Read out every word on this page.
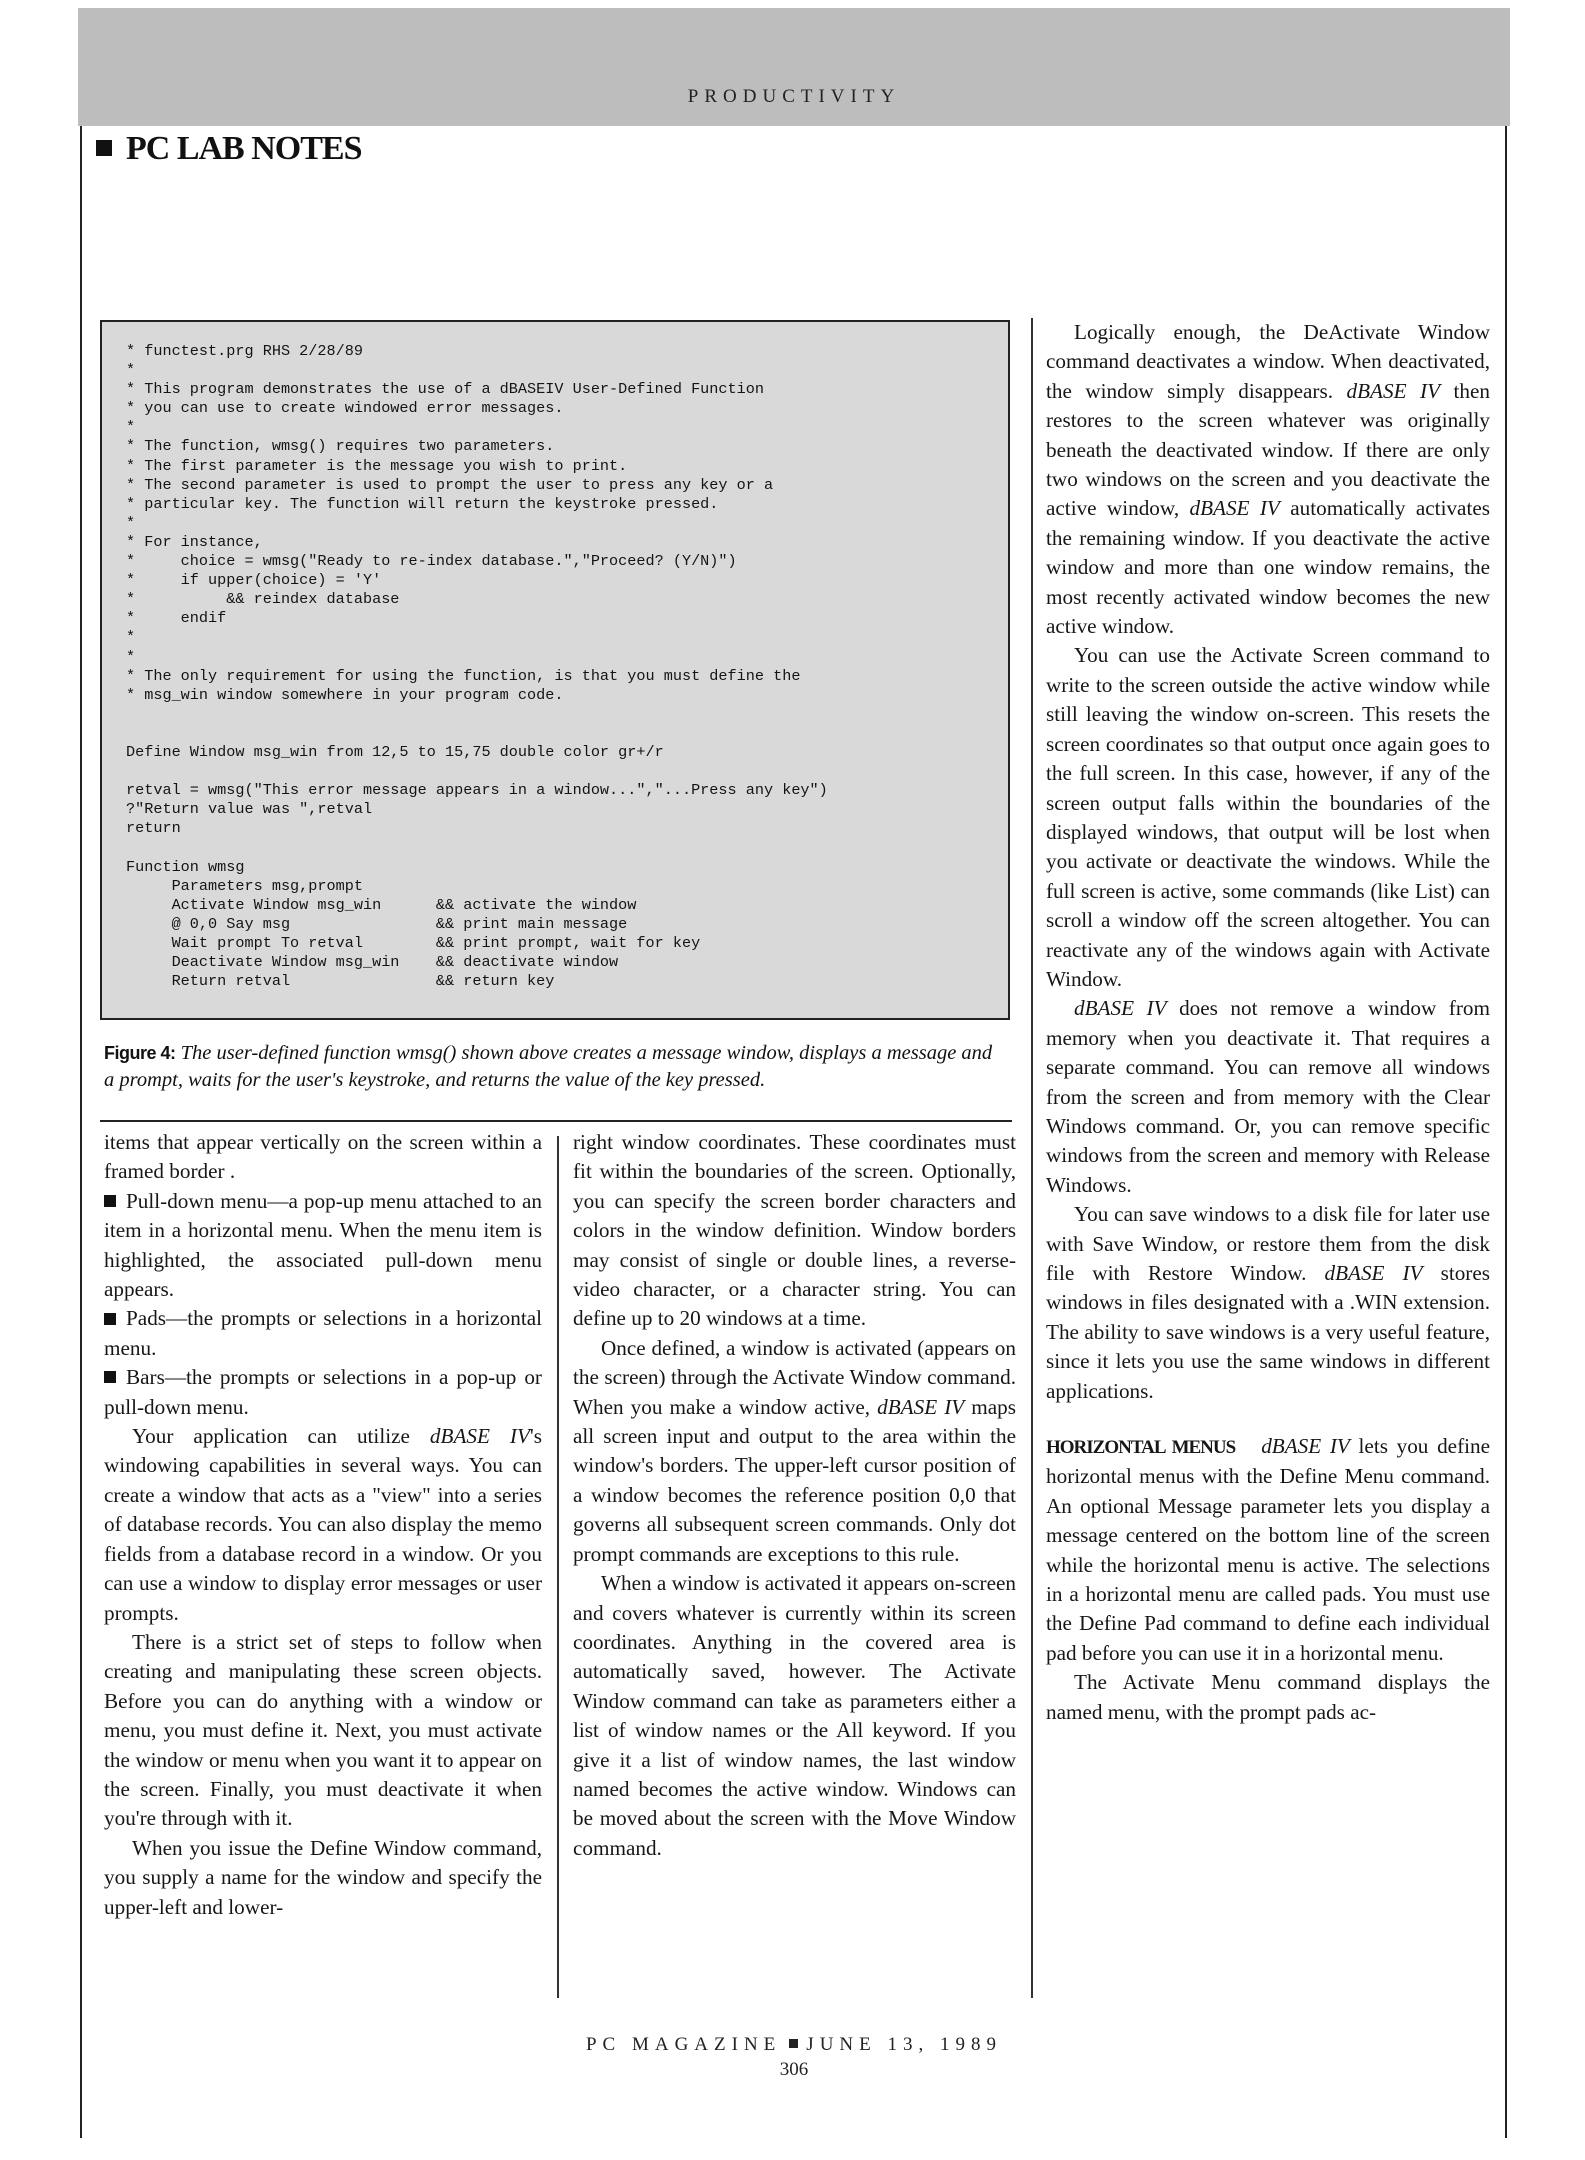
PRODUCTIVITY
PC LAB NOTES
* functest.prg RHS 2/28/89
*
* This program demonstrates the use of a dBASEIV User-Defined Function
* you can use to create windowed error messages.
*
* The function, wmsg() requires two parameters.
* The first parameter is the message you wish to print.
* The second parameter is used to prompt the user to press any key or a
* particular key. The function will return the keystroke pressed.
*
* For instance,
*     choice = wmsg("Ready to re-index database.","Proceed? (Y/N)")
*     if upper(choice) = 'Y'
*          && reindex database
*     endif
*
*
* The only requirement for using the function, is that you must define the
* msg_win window somewhere in your program code.

Define Window msg_win from 12,5 to 15,75 double color gr+/r

retval = wmsg("This error message appears in a window...","...Press any key")
?"Return value was ",retval
return

Function wmsg
Parameters msg,prompt
Activate Window msg_win      && activate the window
@ 0,0 Say msg                && print main message
Wait prompt To retval        && print prompt, wait for key
Deactivate Window msg_win    && deactivate window
Return retval                && return key
Figure 4: The user-defined function wmsg() shown above creates a message window, displays a message and a prompt, waits for the user's keystroke, and returns the value of the key pressed.

items that appear vertically on the screen within a framed border .

Pull-down menu—a pop-up menu attached to an item in a horizontal menu. When the menu item is highlighted, the associated pull-down menu appears.

Pads—the prompts or selections in a horizontal menu.

Bars—the prompts or selections in a pop-up or pull-down menu.

Your application can utilize dBASE IV's windowing capabilities in several ways. You can create a window that acts as a "view" into a series of database records. You can also display the memo fields from a database record in a window. Or you can use a window to display error messages or user prompts.

There is a strict set of steps to follow when creating and manipulating these screen objects. Before you can do anything with a window or menu, you must define it. Next, you must activate the window or menu when you want it to appear on the screen. Finally, you must deactivate it when you're through with it.

When you issue the Define Window command, you supply a name for the window and specify the upper-left and lower-

right window coordinates. These coordinates must fit within the boundaries of the screen. Optionally, you can specify the screen border characters and colors in the window definition. Window borders may consist of single or double lines, a reverse-video character, or a character string. You can define up to 20 windows at a time.

Once defined, a window is activated (appears on the screen) through the Activate Window command. When you make a window active, dBASE IV maps all screen input and output to the area within the window's borders. The upper-left cursor position of a window becomes the reference position 0,0 that governs all subsequent screen commands. Only dot prompt commands are exceptions to this rule.

When a window is activated it appears on-screen and covers whatever is currently within its screen coordinates. Anything in the covered area is automatically saved, however. The Activate Window command can take as parameters either a list of window names or the All keyword. If you give it a list of window names, the last window named becomes the active window. Windows can be moved about the screen with the Move Window command.

Logically enough, the DeActivate Window command deactivates a window. When deactivated, the window simply disappears. dBASE IV then restores to the screen whatever was originally beneath the deactivated window. If there are only two windows on the screen and you deactivate the active window, dBASE IV automatically activates the remaining window. If you deactivate the active window and more than one window remains, the most recently activated window becomes the new active window.

You can use the Activate Screen command to write to the screen outside the active window while still leaving the window on-screen. This resets the screen coordinates so that output once again goes to the full screen. In this case, however, if any of the screen output falls within the boundaries of the displayed windows, that output will be lost when you activate or deactivate the windows. While the full screen is active, some commands (like List) can scroll a window off the screen altogether. You can reactivate any of the windows again with Activate Window.

dBASE IV does not remove a window from memory when you deactivate it. That requires a separate command. You can remove all windows from the screen and from memory with the Clear Windows command. Or, you can remove specific windows from the screen and memory with Release Windows.

You can save windows to a disk file for later use with Save Window, or restore them from the disk file with Restore Window. dBASE IV stores windows in files designated with a .WIN extension. The ability to save windows is a very useful feature, since it lets you use the same windows in different applications.

HORIZONTAL MENUS dBASE IV lets you define horizontal menus with the Define Menu command. An optional Message parameter lets you display a message centered on the bottom line of the screen while the horizontal menu is active. The selections in a horizontal menu are called pads. You must use the Define Pad command to define each individual pad before you can use it in a horizontal menu.

The Activate Menu command displays the named menu, with the prompt pads ac-

PC MAGAZINE JUNE 13, 1989
306
